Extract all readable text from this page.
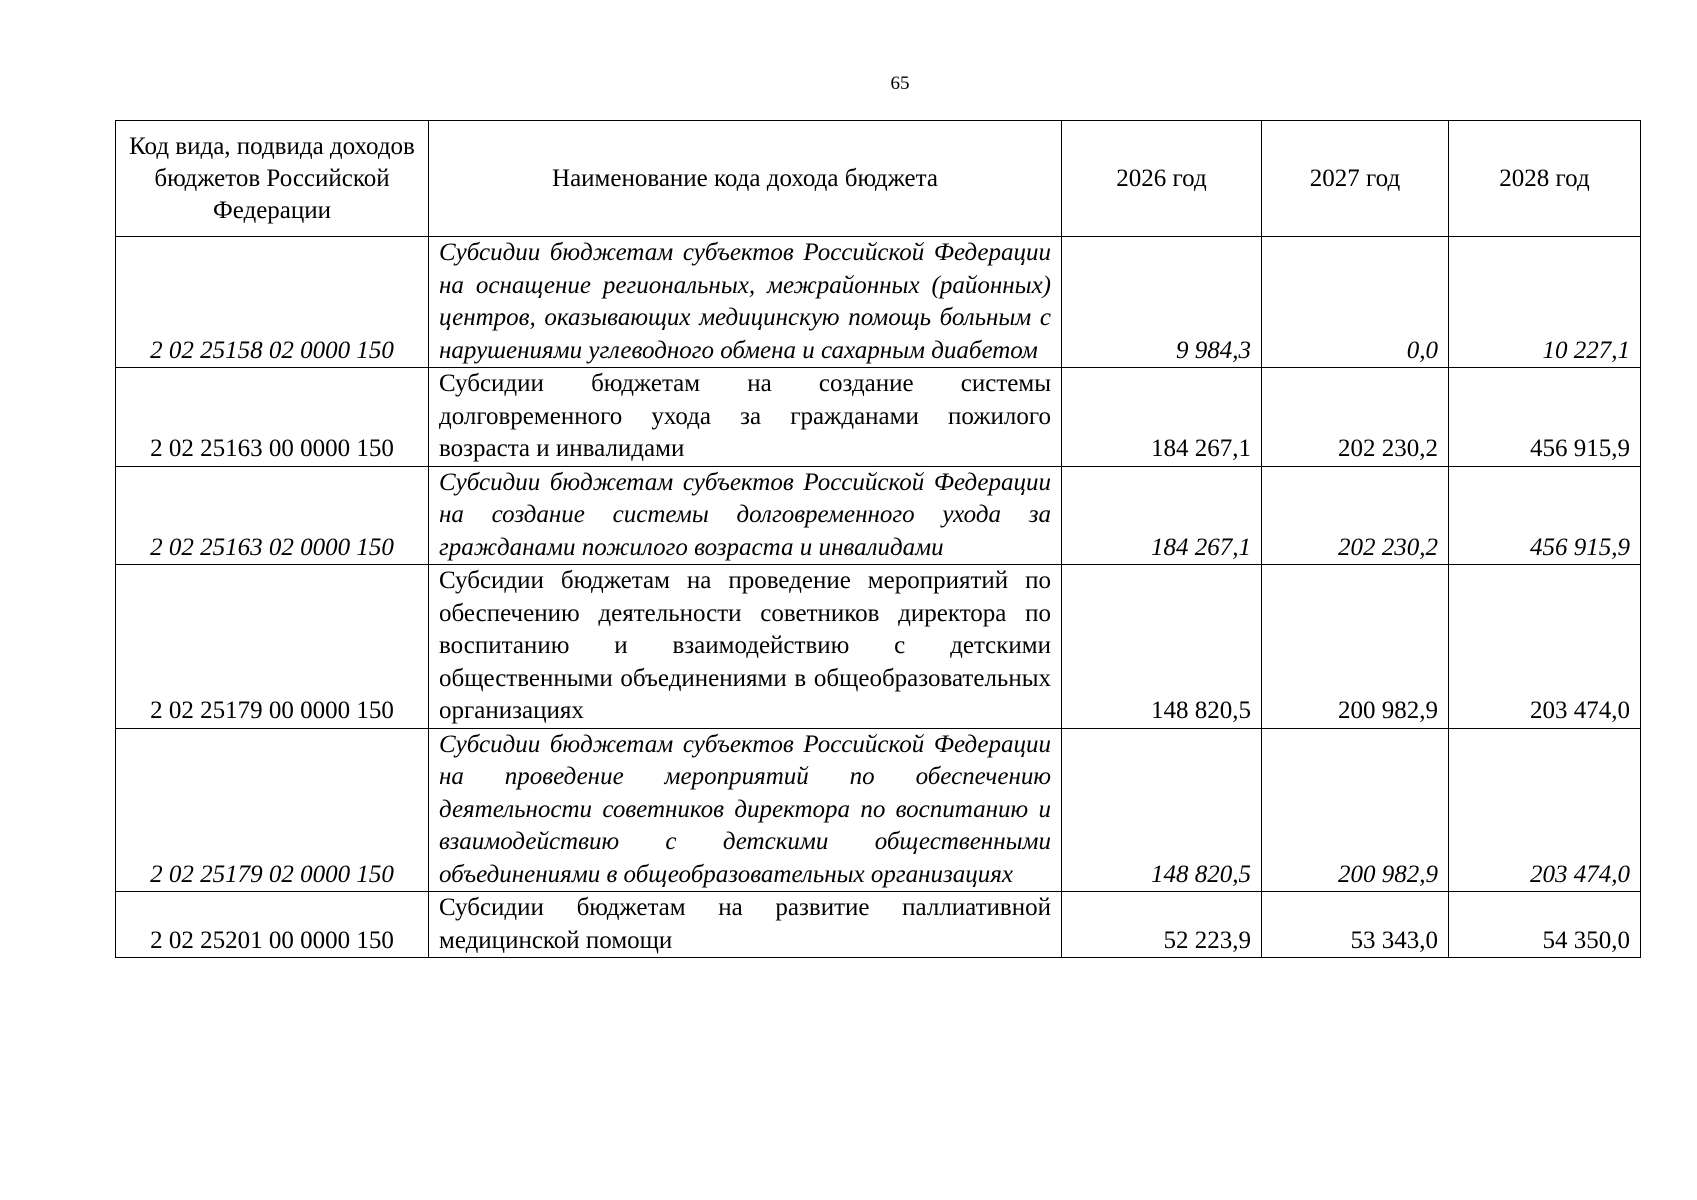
65
Код вида, подвида доходов бюджетов Российской Федерации	Наименование кода дохода бюджета	2026 год	2027 год	2028 год
2 02 25158 02 0000 150	Субсидии бюджетам субъектов Российской Федерации на оснащение региональных, межрайонных (районных) центров, оказывающих медицинскую помощь больным с нарушениями углеводного обмена и сахарным диабетом	9 984,3	0,0	10 227,1
2 02 25163 00 0000 150	Субсидии бюджетам на создание системы долговременного ухода за гражданами пожилого возраста и инвалидами	184 267,1	202 230,2	456 915,9
2 02 25163 02 0000 150	Субсидии бюджетам субъектов Российской Федерации на создание системы долговременного ухода за гражданами пожилого возраста и инвалидами	184 267,1	202 230,2	456 915,9
2 02 25179 00 0000 150	Субсидии бюджетам на проведение мероприятий по обеспечению деятельности советников директора по воспитанию и взаимодействию с детскими общественными объединениями в общеобразовательных организациях	148 820,5	200 982,9	203 474,0
2 02 25179 02 0000 150	Субсидии бюджетам субъектов Российской Федерации на проведение мероприятий по обеспечению деятельности советников директора по воспитанию и взаимодействию с детскими общественными объединениями в общеобразовательных организациях	148 820,5	200 982,9	203 474,0
2 02 25201 00 0000 150	Субсидии бюджетам на развитие паллиативной медицинской помощи	52 223,9	53 343,0	54 350,0
